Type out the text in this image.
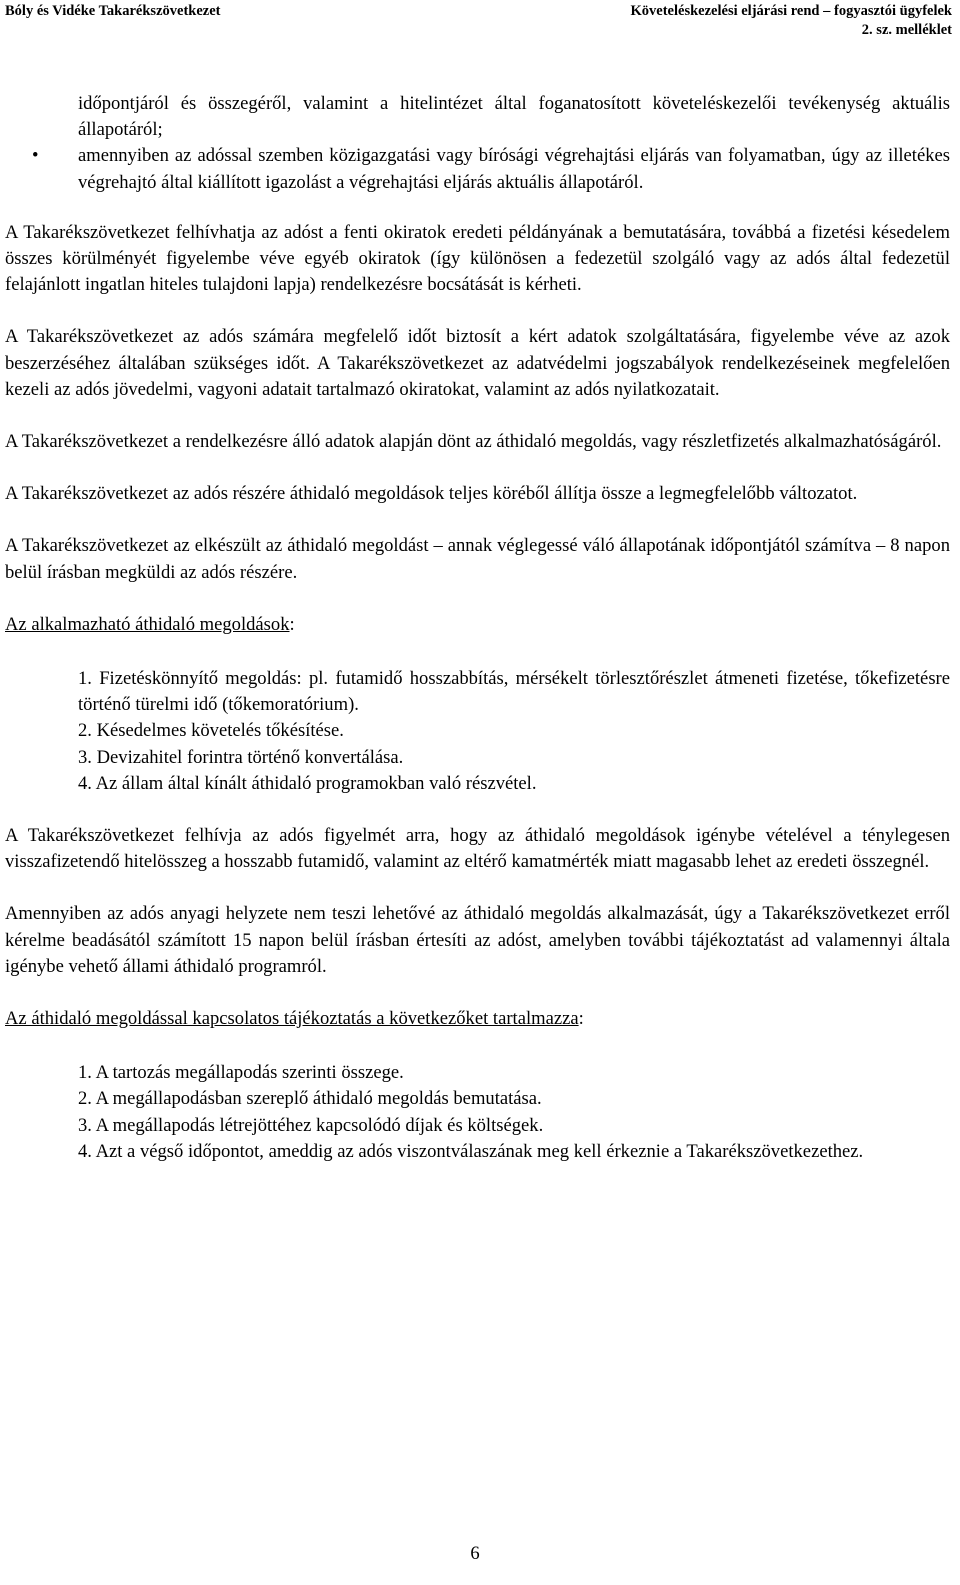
Bóly és Vidéke Takarékszövetkezet	Követeléskezelési eljárási rend – fogyasztói ügyfelek
2. sz. melléklet

időpontjáról és összegéről, valamint a hitelintézet által foganatosított követeléskezelői tevékenység aktuális állapotáról;

•	amennyiben az adóssal szemben közigazgatási vagy bírósági végrehajtási eljárás van folyamatban, úgy az illetékes végrehajtó által kiállított igazolást a végrehajtási eljárás aktuális állapotáról.

A Takarékszövetkezet felhívhatja az adóst a fenti okiratok eredeti példányának a bemutatására, továbbá a fizetési késedelem összes körülményét figyelembe véve egyéb okiratok (így különösen a fedezetül szolgáló vagy az adós által fedezetül felajánlott ingatlan hiteles tulajdoni lapja) rendelkezésre bocsátását is kérheti.

A Takarékszövetkezet az adós számára megfelelő időt biztosít a kért adatok szolgáltatására, figyelembe véve az azok beszerzéséhez általában szükséges időt. A Takarékszövetkezet az adatvédelmi jogszabályok rendelkezéseinek megfelelően kezeli az adós jövedelmi, vagyoni adatait tartalmazó okiratokat, valamint az adós nyilatkozatait.

A Takarékszövetkezet a rendelkezésre álló adatok alapján dönt az áthidaló megoldás, vagy részletfizetés alkalmazhatóságáról.

A Takarékszövetkezet az adós részére áthidaló megoldások teljes köréből állítja össze a legmegfelelőbb változatot.

A Takarékszövetkezet az elkészült az áthidaló megoldást – annak véglegessé váló állapotának időpontjától számítva – 8 napon belül írásban megküldi az adós részére.

Az alkalmazható áthidaló megoldások:

1. Fizetéskönnyítő megoldás: pl. futamidő hosszabbítás, mérsékelt törlesztőrészlet átmeneti fizetése, tőkefizetésre történő türelmi idő (tőkemoratórium).
2. Késedelmes követelés tőkésítése.
3. Devizahitel forintra történő konvertálása.
4. Az állam által kínált áthidaló programokban való részvétel.

A Takarékszövetkezet felhívja az adós figyelmét arra, hogy az áthidaló megoldások igénybe vételével a ténylegesen visszafizetendő hitelösszeg a hosszabb futamidő, valamint az eltérő kamatmérték miatt magasabb lehet az eredeti összegnél.

Amennyiben az adós anyagi helyzete nem teszi lehetővé az áthidaló megoldás alkalmazását, úgy a Takarékszövetkezet erről kérelme beadásától számított 15 napon belül írásban értesíti az adóst, amelyben további tájékoztatást ad valamennyi általa igénybe vehető állami áthidaló programról.

Az áthidaló megoldással kapcsolatos tájékoztatás a következőket tartalmazza:

1. A tartozás megállapodás szerinti összege.
2. A megállapodásban szereplő áthidaló megoldás bemutatása.
3. A megállapodás létrejöttéhez kapcsolódó díjak és költségek.
4. Azt a végső időpontot, ameddig az adós viszontválaszának meg kell érkeznie a Takarékszövetkezethez.
6
